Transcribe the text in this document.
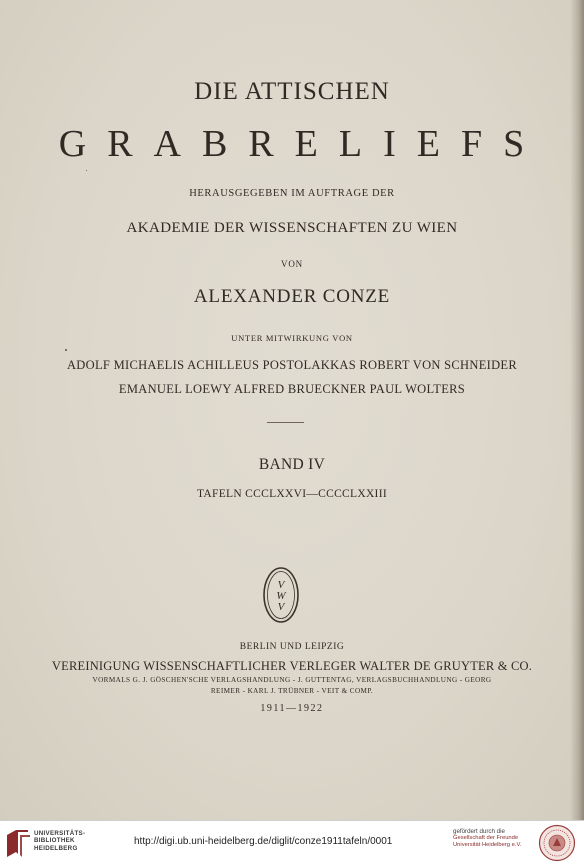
DIE ATTISCHEN
GRABRELIEFS
HERAUSGEGEBEN IM AUFTRAGE DER
AKADEMIE DER WISSENSCHAFTEN ZU WIEN
VON
ALEXANDER CONZE
UNTER MITWIRKUNG VON
ADOLF MICHAELIS ACHILLEUS POSTOLAKKAS ROBERT VON SCHNEIDER
EMANUEL LOEWY ALFRED BRUECKNER PAUL WOLTERS
BAND IV
TAFELN CCCLXXVI—CCCCLXXIII
V
W
V
BERLIN UND LEIPZIG
VEREINIGUNG WISSENSCHAFTLICHER VERLEGER WALTER DE GRUYTER & CO.
VORMALS G. J. GÖSCHEN'SCHE VERLAGSHANDLUNG - J. GUTTENTAG, VERLAGSBUCHHANDLUNG - GEORG
REIMER - KARL J. TRÜBNER - VEIT & COMP.
1911—1922
UNIVERSITÄTS-
BIBLIOTHEK
HEIDELBERG
http://digi.ub.uni-heidelberg.de/diglit/conze1911tafeln/0001
gefördert durch die
Gesellschaft der Freunde
Universität Heidelberg e.V.
